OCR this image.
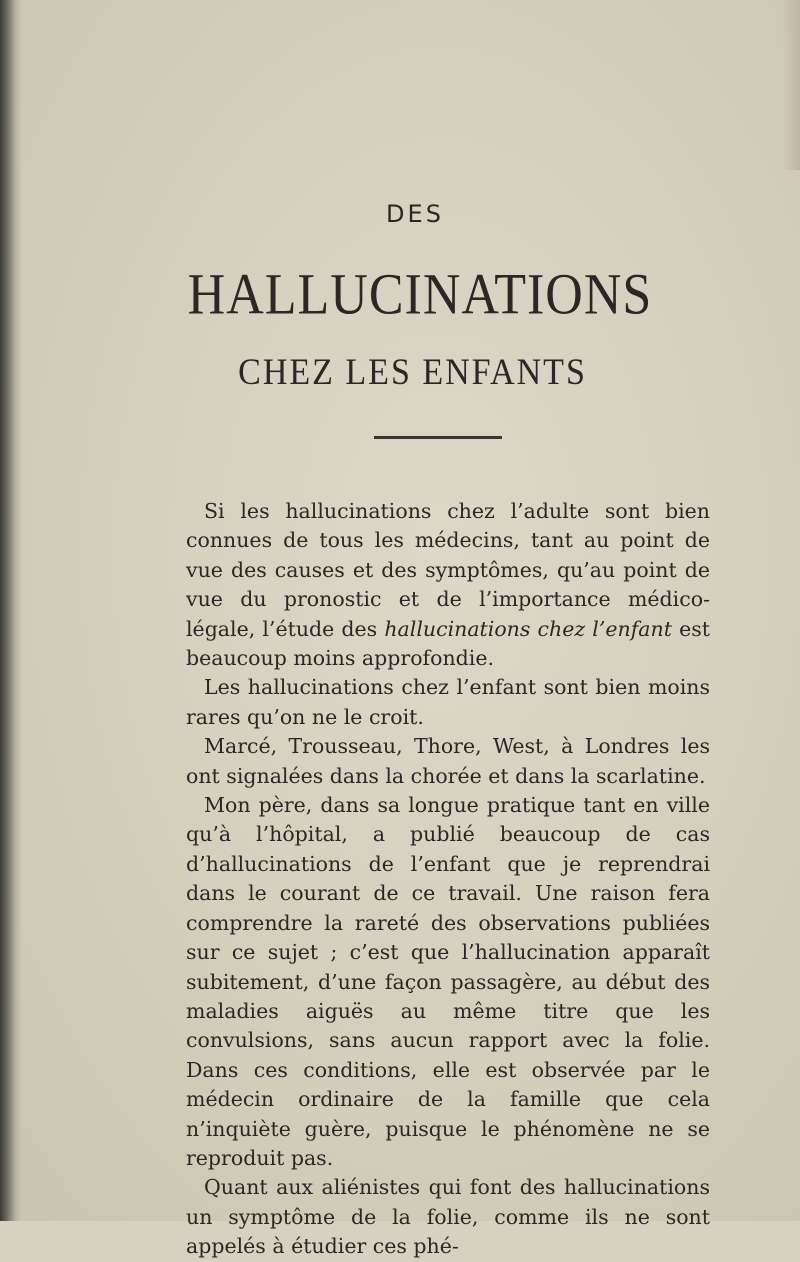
DES
HALLUCINATIONS
CHEZ LES ENFANTS

Si les hallucinations chez l’adulte sont bien connues de tous les médecins, tant au point de vue des causes et des symptômes, qu’au point de vue du pronostic et de l’importance médico-légale, l’étude des hallucinations chez l’enfant est beaucoup moins approfondie.

Les hallucinations chez l’enfant sont bien moins rares qu’on ne le croit.

Marcé, Trousseau, Thore, West, à Londres les ont signalées dans la chorée et dans la scarlatine.

Mon père, dans sa longue pratique tant en ville qu’à l’hôpital, a publié beaucoup de cas d’hallucinations de l’enfant que je reprendrai dans le courant de ce travail. Une raison fera comprendre la rareté des observations publiées sur ce sujet ; c’est que l’hallucination apparaît subitement, d’une façon passagère, au début des maladies aiguës au même titre que les convulsions, sans aucun rapport avec la folie. Dans ces conditions, elle est observée par le médecin ordinaire de la famille que cela n’inquiète guère, puisque le phénomène ne se reproduit pas.

Quant aux aliénistes qui font des hallucinations un symptôme de la folie, comme ils ne sont appelés à étudier ces phé-
